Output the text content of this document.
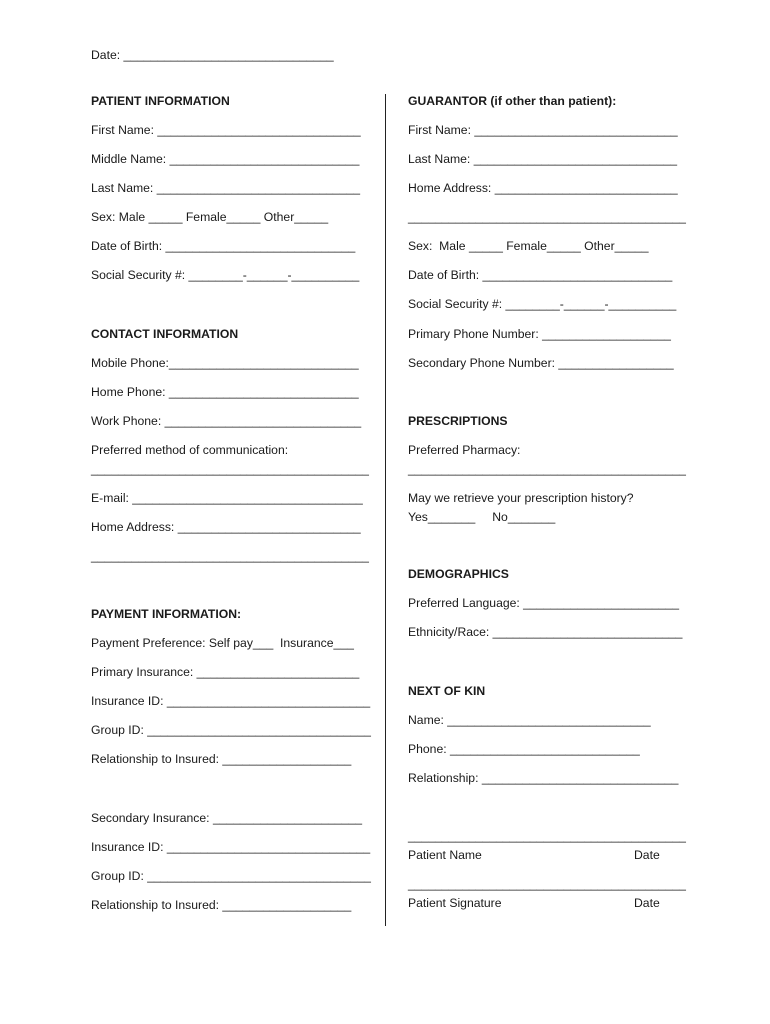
Date: _______________________________
PATIENT INFORMATION
First Name: ______________________________
Middle Name: ____________________________
Last Name: ______________________________
Sex: Male _____ Female_____ Other_____
Date of Birth: ____________________________
Social Security #: ________-______-__________
CONTACT INFORMATION
Mobile Phone:____________________________
Home Phone: ____________________________
Work Phone: _____________________________
Preferred method of communication:
_________________________________________
E-mail: __________________________________
Home Address: ___________________________
_________________________________________
PAYMENT INFORMATION:
Payment Preference: Self pay___  Insurance___
Primary Insurance: ________________________
Insurance ID: ______________________________
Group ID: _________________________________
Relationship to Insured: ___________________
Secondary Insurance: ______________________
Insurance ID: ______________________________
Group ID: _________________________________
Relationship to Insured: ___________________
GUARANTOR (if other than patient):
First Name: ______________________________
Last Name: ______________________________
Home Address: ___________________________
_________________________________________
Sex:  Male _____ Female_____ Other_____
Date of Birth: ____________________________
Social Security #: ________-______-__________
Primary Phone Number: ___________________
Secondary Phone Number: _________________
PRESCRIPTIONS
Preferred Pharmacy:
_________________________________________
May we retrieve your prescription history?
Yes_______     No_______
DEMOGRAPHICS
Preferred Language: _______________________
Ethnicity/Race: ____________________________
NEXT OF KIN
Name: ______________________________
Phone: ____________________________
Relationship: _____________________________
_________________________________________
Patient Name	Date
_________________________________________
Patient Signature	Date
